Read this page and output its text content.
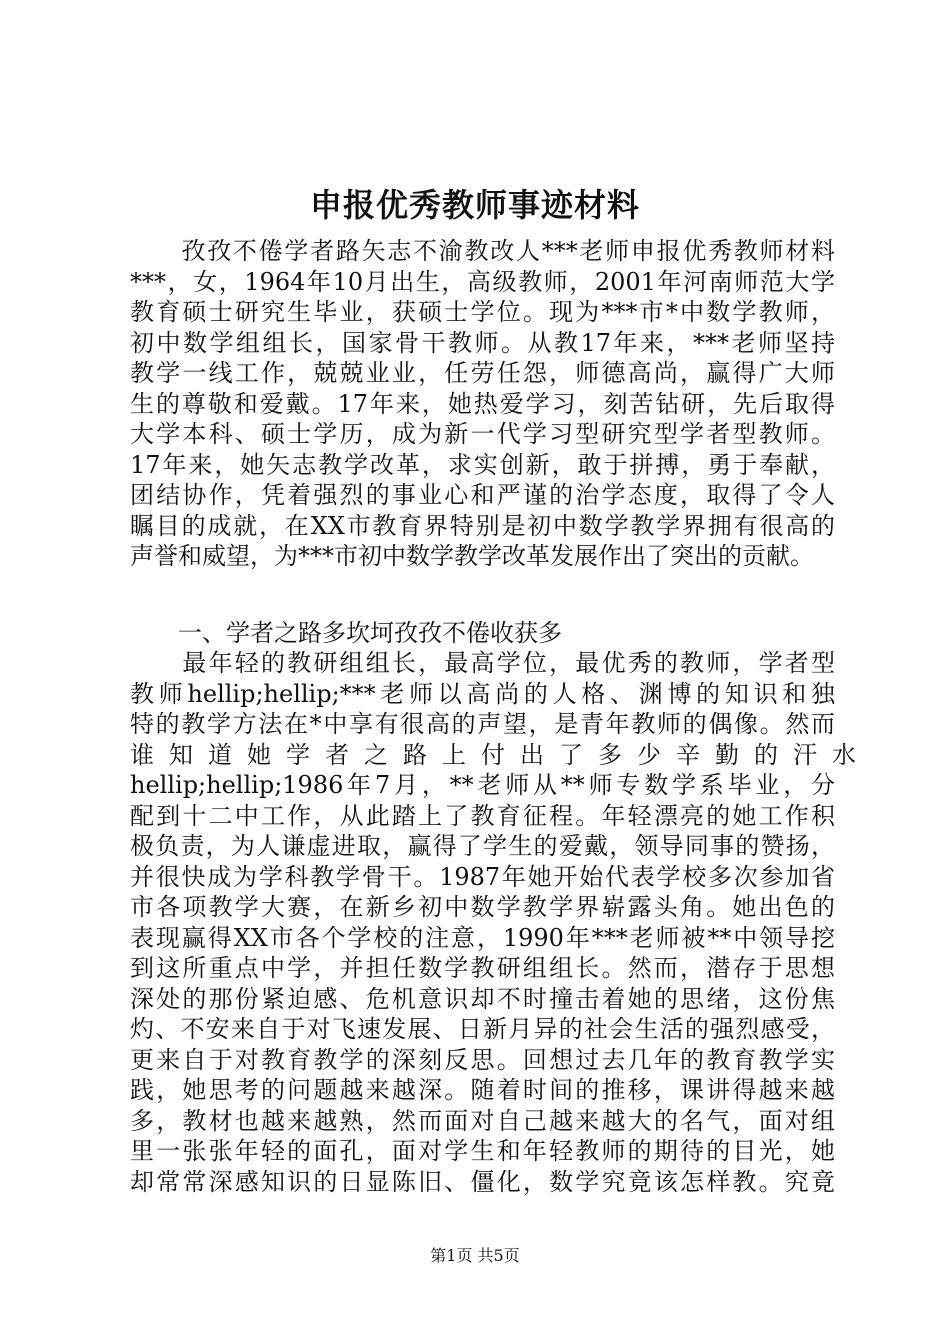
申报优秀教师事迹材料
　　孜孜不倦学者路矢志不渝教改人***老师申报优秀教师材料
***，女，1964年10月出生，高级教师，2001年河南师范大学
教育硕士研究生毕业，获硕士学位。现为***市*中数学教师，
初中数学组组长，国家骨干教师。从教17年来，***老师坚持
教学一线工作，兢兢业业，任劳任怨，师德高尚，赢得广大师
生的尊敬和爱戴。17年来，她热爱学习，刻苦钻研，先后取得
大学本科、硕士学历，成为新一代学习型研究型学者型教师。
17年来，她矢志教学改革，求实创新，敢于拼搏，勇于奉献，
团结协作，凭着强烈的事业心和严谨的治学态度，取得了令人
瞩目的成就，在XX市教育界特别是初中数学教学界拥有很高的
声誉和威望，为***市初中数学教学改革发展作出了突出的贡献。
　　一、学者之路多坎坷孜孜不倦收获多
　　最年轻的教研组组长，最高学位，最优秀的教师，学者型
教师hellip;hellip;***老师以高尚的人格、渊博的知识和独
特的教学方法在*中享有很高的声望，是青年教师的偶像。然而
谁知道她学者之路上付出了多少辛勤的汗水
hellip;hellip;1986年7月，**老师从**师专数学系毕业，分
配到十二中工作，从此踏上了教育征程。年轻漂亮的她工作积
极负责，为人谦虚进取，赢得了学生的爱戴，领导同事的赞扬，
并很快成为学科教学骨干。1987年她开始代表学校多次参加省
市各项教学大赛，在新乡初中数学教学界崭露头角。她出色的
表现赢得XX市各个学校的注意，1990年***老师被**中领导挖
到这所重点中学，并担任数学教研组组长。然而，潜存于思想
深处的那份紧迫感、危机意识却不时撞击着她的思绪，这份焦
灼、不安来自于对飞速发展、日新月异的社会生活的强烈感受，
更来自于对教育教学的深刻反思。回想过去几年的教育教学实
践，她思考的问题越来越深。随着时间的推移，课讲得越来越
多，教材也越来越熟，然而面对自己越来越大的名气，面对组
里一张张年轻的面孔，面对学生和年轻教师的期待的目光，她
却常常深感知识的日显陈旧、僵化，数学究竟该怎样教。究竟
第1页 共5页
